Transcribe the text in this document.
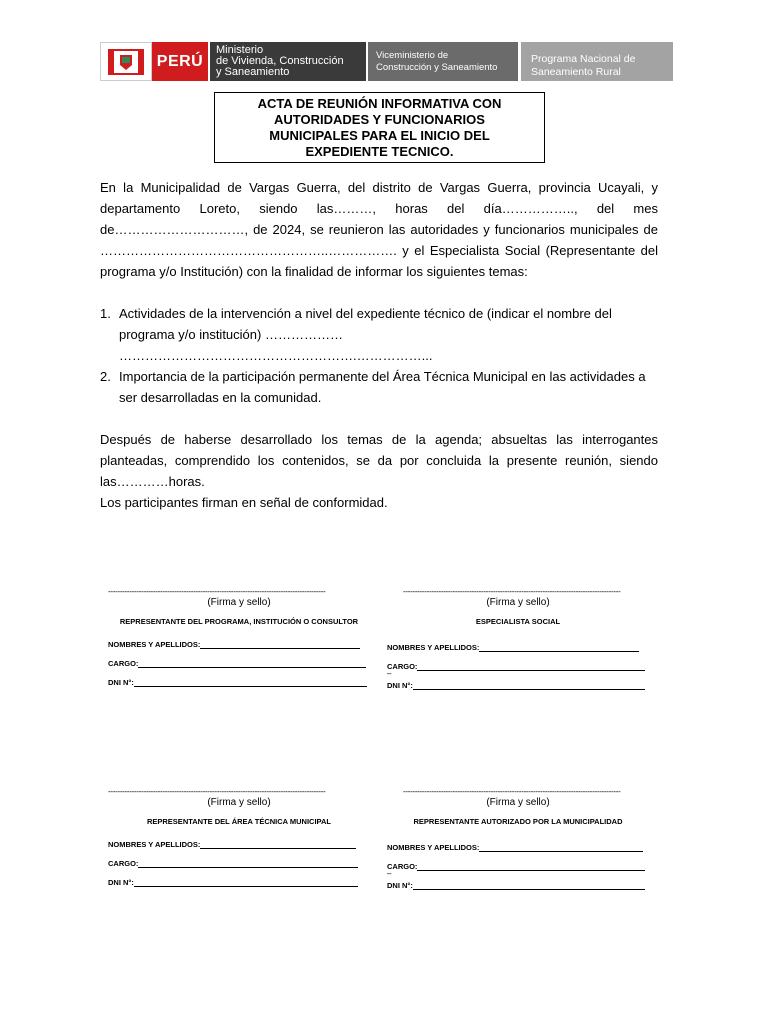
PERÚ
Ministerio
de Vivienda, Construcción
y Saneamiento
Viceministerio de
Construcción y Saneamiento
Programa Nacional de
Saneamiento Rural
ACTA DE REUNIÓN INFORMATIVA CON
AUTORIDADES Y FUNCIONARIOS
MUNICIPALES PARA EL INICIO DEL
EXPEDIENTE TECNICO.
En la Municipalidad de Vargas Guerra, del distrito de Vargas Guerra, provincia Ucayali, y departamento Loreto, siendo las………, horas del día…………….., del mes de…………………………, de 2024, se reunieron las autoridades y funcionarios municipales de ……………………………………………..……………. y el Especialista Social (Representante del programa y/o Institución) con la finalidad de informar los siguientes temas:
1. Actividades de la intervención a nivel del expediente técnico de (indicar el nombre del programa y/o institución) ……………… ……………………………………………….……………...
2. Importancia de la participación permanente del Área Técnica Municipal en las actividades a ser desarrolladas en la comunidad.
Después de haberse desarrollado los temas de la agenda; absueltas las interrogantes planteadas, comprendido los contenidos, se da por concluida la presente reunión, siendo las…………horas.
Los participantes firman en señal de conformidad.
--------------------------------------------------------------------------------------------
(Firma y sello)
REPRESENTANTE DEL PROGRAMA, INSTITUCIÓN O CONSULTOR
NOMBRES Y APELLIDOS:
CARGO:
DNI N°:
--------------------------------------------------------------------------------------------
(Firma y sello)
ESPECIALISTA SOCIAL
NOMBRES Y APELLIDOS:
CARGO:
–
DNI N°:
--------------------------------------------------------------------------------------------
(Firma y sello)
REPRESENTANTE DEL ÁREA TÉCNICA MUNICIPAL
NOMBRES Y APELLIDOS:
CARGO:
DNI N°:
--------------------------------------------------------------------------------------------
(Firma y sello)
REPRESENTANTE AUTORIZADO POR LA MUNICIPALIDAD
NOMBRES Y APELLIDOS:
CARGO:
–
DNI N°:
